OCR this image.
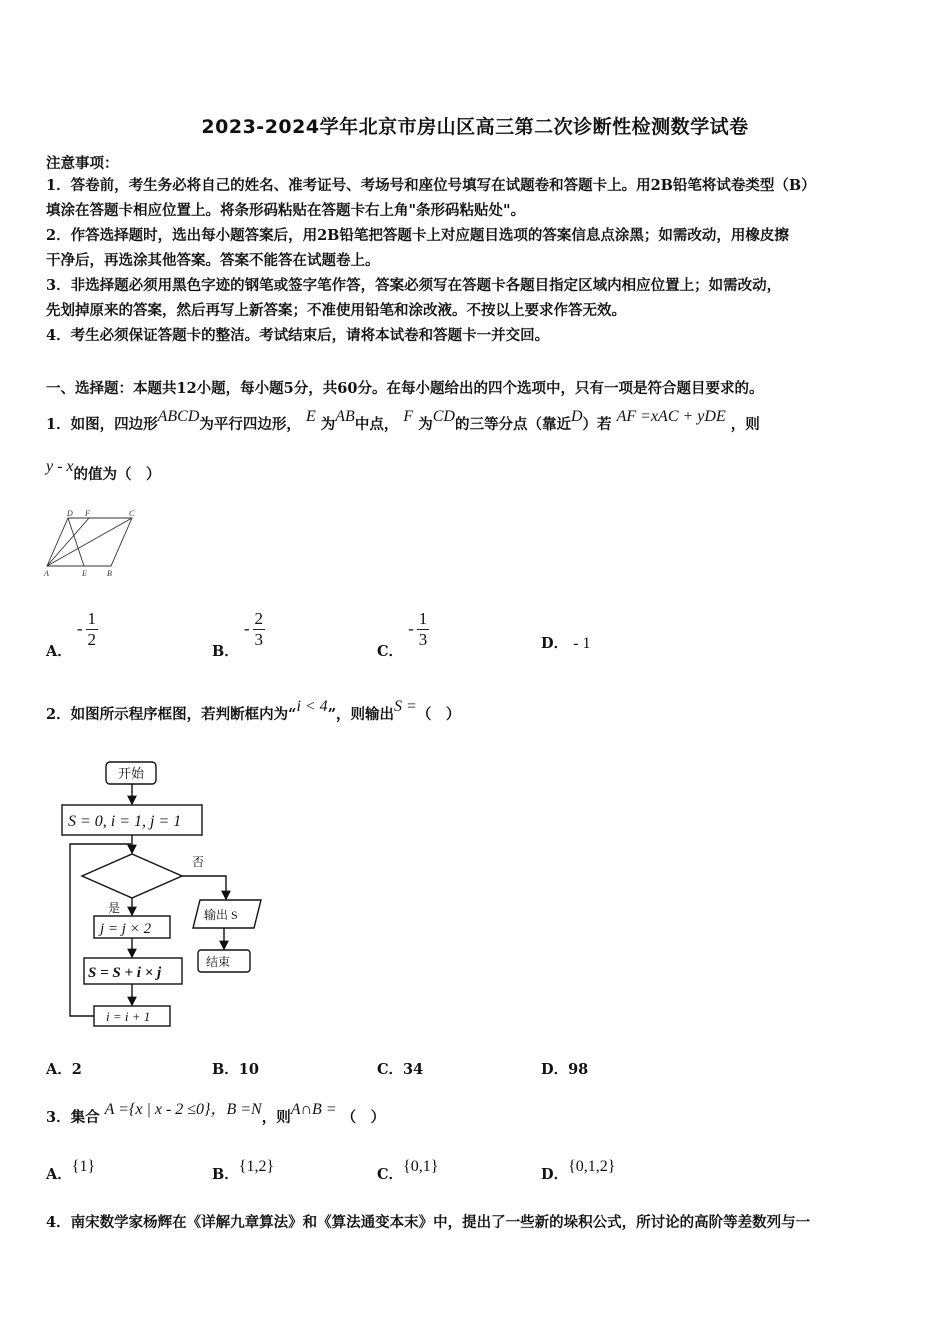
2023-2024学年北京市房山区高三第二次诊断性检测数学试卷
注意事项：
1．答卷前，考生务必将自己的姓名、准考证号、考场号和座位号填写在试题卷和答题卡上。用2B铅笔将试卷类型（B）
填涂在答题卡相应位置上。将条形码粘贴在答题卡右上角"条形码粘贴处"。
2．作答选择题时，选出每小题答案后，用2B铅笔把答题卡上对应题目选项的答案信息点涂黑；如需改动，用橡皮擦
干净后，再选涂其他答案。答案不能答在试题卷上。
3．非选择题必须用黑色字迹的钢笔或签字笔作答，答案必须写在答题卡各题目指定区域内相应位置上；如需改动，
先划掉原来的答案，然后再写上新答案；不准使用铅笔和涂改液。不按以上要求作答无效。
4．考生必须保证答题卡的整洁。考试结束后，请将本试卷和答题卡一并交回。
一、选择题：本题共12小题，每小题5分，共60分。在每小题给出的四个选项中，只有一项是符合题目要求的。
1．如图，四边形ABCD为平行四边形， E 为AB中点， F 为CD的三等分点（靠近D）若 AF =xAC + yDE ，则
y - x的值为（　）
D F	C
A	E	B
A． - $\frac{1}{2}$
B． - $\frac{2}{3}$
C． - $\frac{1}{3}$	D． - 1
2．如图所示程序框图，若判断框内为“i < 4”，则输出S =（　）
开始
S = 0, i = 1, j = 1
否
是
j = j × 2
S = S + i × j
i = i + 1
输出 S
结束
A．2	B．10	C．34	D．98
3．集合 A ={x | x - 2 ≤0}，B =N，则A∩B = （　）
A．{1}	B．{1,2}	C．{0,1}	D．{0,1,2}
4．南宋数学家杨辉在《详解九章算法》和《算法通变本末》中，提出了一些新的垛积公式，所讨论的高阶等差数列与一
